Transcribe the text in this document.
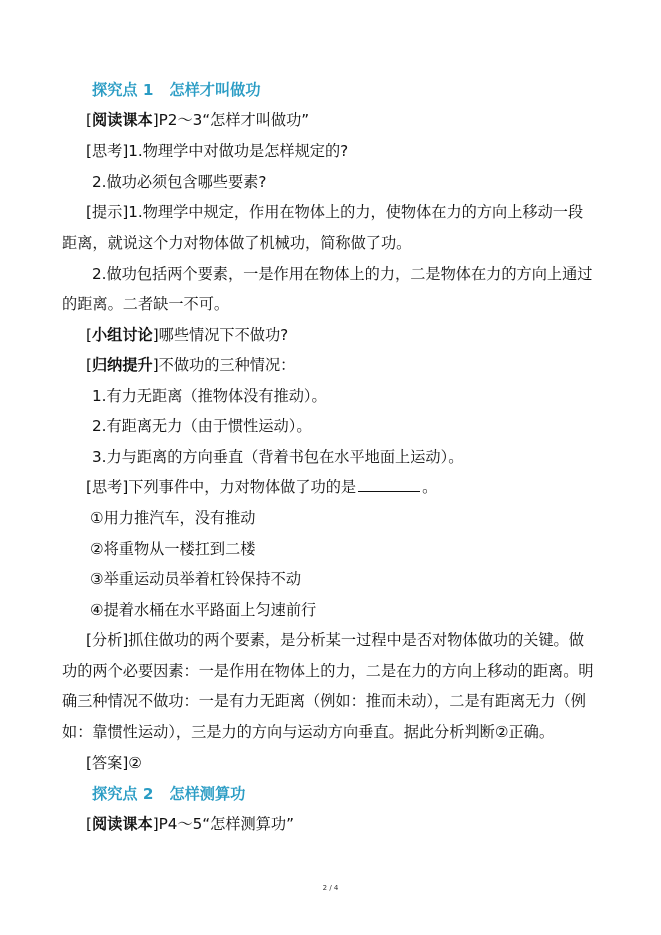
探究点 1 怎样才叫做功
[阅读课本]P2～3“怎样才叫做功”
[思考]1.物理学中对做功是怎样规定的?
2.做功必须包含哪些要素?
[提示]1.物理学中规定，作用在物体上的力，使物体在力的方向上移动一段
距离，就说这个力对物体做了机械功，简称做了功。
2.做功包括两个要素，一是作用在物体上的力，二是物体在力的方向上通过
的距离。二者缺一不可。
[小组讨论]哪些情况下不做功?
[归纳提升]不做功的三种情况：
1.有力无距离（推物体没有推动）。
2.有距离无力（由于惯性运动）。
3.力与距离的方向垂直（背着书包在水平地面上运动）。
[思考]下列事件中，力对物体做了功的是	。
①用力推汽车，没有推动
②将重物从一楼扛到二楼
③举重运动员举着杠铃保持不动
④提着水桶在水平路面上匀速前行
[分析]抓住做功的两个要素，是分析某一过程中是否对物体做功的关键。做
功的两个必要因素：一是作用在物体上的力，二是在力的方向上移动的距离。明
确三种情况不做功：一是有力无距离（例如：推而未动），二是有距离无力（例
如：靠惯性运动），三是力的方向与运动方向垂直。据此分析判断②正确。
[答案]②
探究点 2 怎样测算功
[阅读课本]P4～5“怎样测算功”
2 / 4
